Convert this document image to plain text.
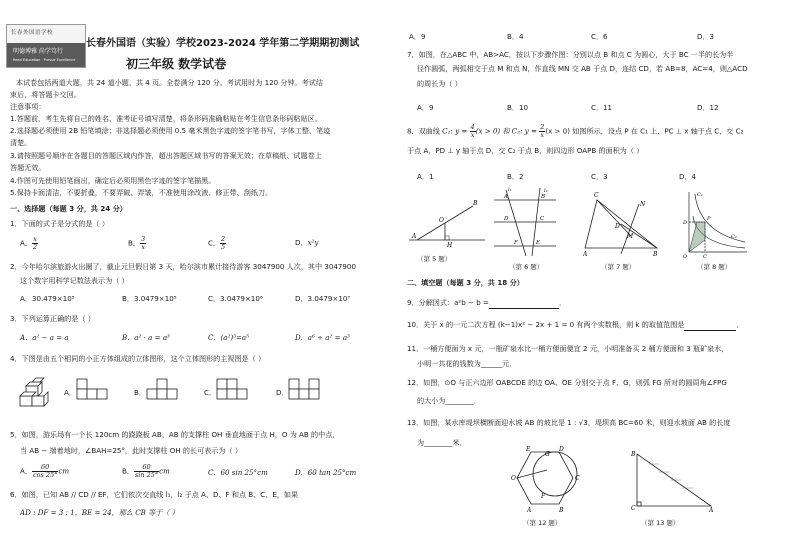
长春外国语学校
明德博雅 尚学笃行
Read Education · Pursue Excellence
长春外国语（实验）学校2023-2024 学年第二学期期初测试
初三年级 数学试卷
本试卷包括两道大题，共 24 道小题，共 4 页。全卷满分 120 分。考试用时为 120 分钟。考试结
束后，将答题卡交回。
注意事项：
1.答题前，考生先将自己的姓名、准考证号填写清楚，将条形码准确粘贴在考生信息条形码粘贴区。
2.选择题必须使用 2B 铅笔填涂；非选择题必须使用 0.5 毫米黑色字迹的签字笔书写，字体工整、笔迹
清楚。
3.请按照题号顺序在各题目的答题区域内作答，超出答题区域书写的答案无效；在草稿纸、试题卷上
答题无效。
4.作图可先使用铅笔画出，确定后必须用黑色字迹的签字笔描黑。
5.保持卡面清洁，不要折叠，不要弄破、弄皱，不准使用涂改液、修正带、刮纸刀。
一、选择题（每题 3 分，共 24 分）
1．下面的式子是分式的是（ ）
A． $\frac{x}{2}$	B． $\frac{3}{x}$	C． $\frac{2}{5}$	D．x²y
2．今年哈尔滨旅游火出圈了，截止元旦假日第 3 天，哈尔滨市累计接待游客 3047900 人次，其中 3047900
这个数字用科学记数法表示为（ ）
A．30.479×10⁵	B．3.0479×10⁵	C．3.0479×10⁶	D．3.0479×10⁷
3．下列运算正确的是（ ）
A．a² − a = a	B．a² · a = a³	C．(a²)³=a⁵	D．a⁶ ÷ a² = a³
4．下图是由五个相同的小正方体组成的立体图形，这个立体图形的主视图是（ ）
A．	B．	C．	D．
5．如图，游乐场有一个长 120cm 的跷跷板 AB，AB 的支撑柱 OH 垂直地面于点 H，O 为 AB 的中点，
当 AB − 端着地时，∠BAH=25°，此时支撑柱 OH 的长可表示为（ ）
A． $\frac{60}{\cos 25^\circ}$ cm	B． $\frac{60}{\sin 25^\circ}$ cm	C．60 sin 25°cm	D．60 tan 25°cm
6．如图，已知 AB // CD // EF，它们依次交直线 l₁，l₂ 于点 A、D、F 和点 B、C、E，如果
AD : DF = 3 : 1，BE = 24，那么 CB 等于（ ）
A．9	B．4	C．6	D．3
7．如图，在△ABC 中，AB>AC，按以下步骤作图：分别以点 B 和点 C 为圆心，大于 BC 一半的长为半
径作圆弧，两弧相交于点 M 和点 N，作直线 MN 交 AB 于点 D，连结 CD，若 AB=8，AC=4，则△ACD
的周长为（ ）
A．9	B．10	C．11	D．12
8．双曲线 C₁: $y = \frac{4}{x} (x > 0)$ 和 C₂: $y = \frac{2}{x} (x > 0)$ 如图所示，设点 P 在 C₁ 上，PC ⊥ x 轴于点 C，交 C₂
于点 A，PD ⊥ y 轴于点 D，交 C₂ 于点 B，则四边形 OAPB 的面积为（ ）
A．1	B．2	C．3	D．4
A
B
O
H
（第 5 题）
A	B
D	C
F	E
l₁	l₂
（第 6 题）
C
A	B
N
M
D
（第 7 题）
C₁
C₂
D
P
O	C
（第 8 题）
二、填空题（每题 3 分，共 18 分）
9．分解因式：a²b − b =	．
10．关于 x 的一元二次方程 (k−1)x² − 2x + 1 = 0 有两个实数根，则 k 的取值范围是	．
11．一桶方便面为 x 元，一瓶矿泉水比一桶方便面便宜 2 元，小明准备买 2 桶方便面和 3 瓶矿泉水，
小明一共花的钱数为______元．
12．如图，⊙O 与正六边形 OABCDE 的边 OA、OE 分别交于点 F、G，则弧 FG 所对的圆周角∠FPG
的大小为________．
13．如图，某水库堤坝横断面迎水坡 AB 的坡比是 1 : √3，堤坝高 BC=60 米，则迎水坡面 AB 的长度
为________米．
E	D
C
B
A
O
G
F
（第 12 题）
B
C	A
（第 13 题）
